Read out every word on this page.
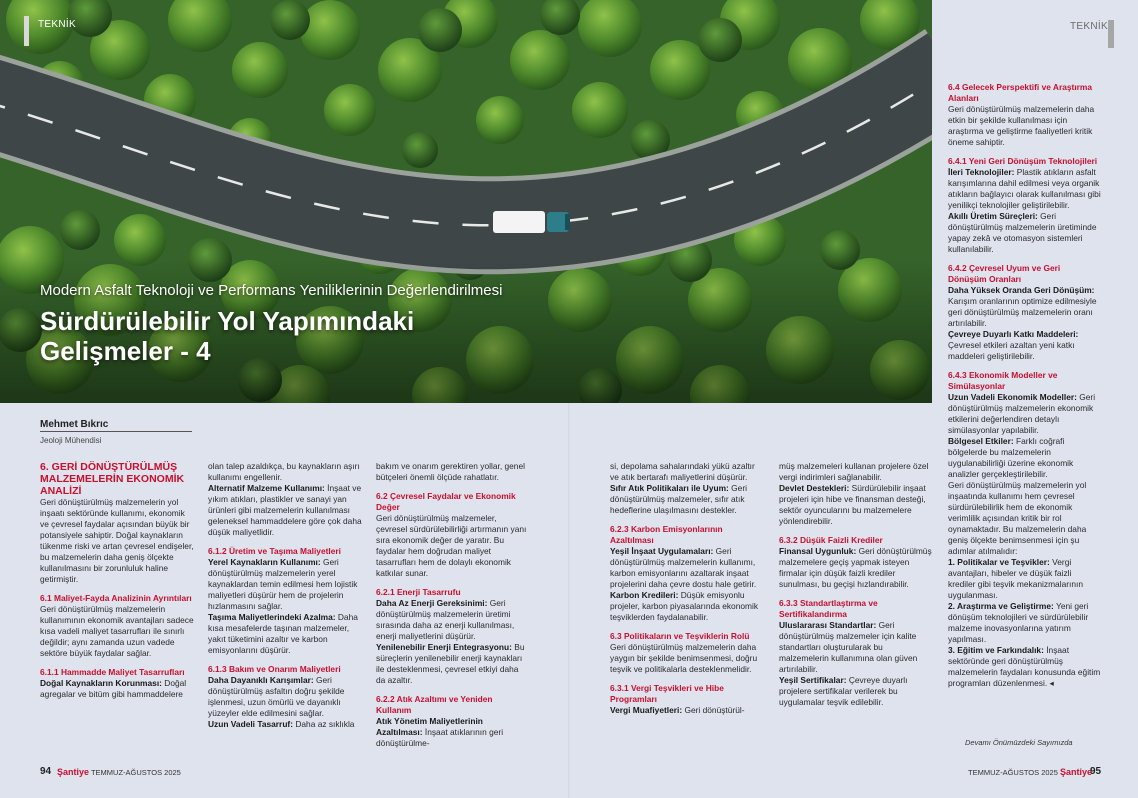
TEKNİK	TEKNİK
Modern Asfalt Teknoloji ve Performans Yeniliklerinin Değerlendirilmesi
Sürdürülebilir Yol Yapımındaki
Gelişmeler - 4
Mehmet Bıkrıc
Jeoloji Mühendisi
6. GERİ DÖNÜŞTÜRÜLMÜŞ MALZEMELERİN EKONOMİK ANALİZİ
Geri dönüştürülmüş malzemelerin yol inşaatı sektöründe kullanımı, ekonomik ve çevresel faydalar açısından büyük bir potansiyele sahiptir. Doğal kaynakların tükenme riski ve artan çevresel endişeler, bu malzemelerin daha geniş ölçekte kullanılmasını bir zorunluluk haline getirmiştir.
6.1 Maliyet-Fayda Analizinin Ayrıntıları
Geri dönüştürülmüş malzemelerin kullanımının ekonomik avantajları sadece kısa vadeli maliyet tasarrufları ile sınırlı değildir; aynı zamanda uzun vadede sektöre büyük faydalar sağlar.
6.1.1 Hammadde Maliyet Tasarrufları
Doğal Kaynakların Korunması: Doğal agregalar ve bitüm gibi hammaddelere
olan talep azaldıkça, bu kaynakların aşırı kullanımı engellenir.
Alternatif Malzeme Kullanımı: İnşaat ve yıkım atıkları, plastikler ve sanayi yan ürünleri gibi malzemelerin kullanılması geleneksel hammaddelere göre çok daha düşük maliyetlidir.
6.1.2 Üretim ve Taşıma Maliyetleri
Yerel Kaynakların Kullanımı: Geri dönüştürülmüş malzemelerin yerel kaynaklardan temin edilmesi hem lojistik maliyetleri düşürür hem de projelerin hızlanmasını sağlar.
Taşıma Maliyetlerindeki Azalma: Daha kısa mesafelerde taşınan malzemeler, yakıt tüketimini azaltır ve karbon emisyonlarını düşürür.
6.1.3 Bakım ve Onarım Maliyetleri
Daha Dayanıklı Karışımlar: Geri dönüştürülmüş asfaltın doğru şekilde işlenmesi, uzun ömürlü ve dayanıklı yüzeyler elde edilmesini sağlar.
Uzun Vadeli Tasarruf: Daha az sıklıkla
bakım ve onarım gerektiren yollar, genel bütçeleri önemli ölçüde rahatlatır.
6.2 Çevresel Faydalar ve Ekonomik Değer
Geri dönüştürülmüş malzemeler, çevresel sürdürülebilirliği artırmanın yanı sıra ekonomik değer de yaratır. Bu faydalar hem doğrudan maliyet tasarrufları hem de dolaylı ekonomik katkılar sunar.
6.2.1 Enerji Tasarrufu
Daha Az Enerji Gereksinimi: Geri dönüştürülmüş malzemelerin üretimi sırasında daha az enerji kullanılması, enerji maliyetlerini düşürür.
Yenilenebilir Enerji Entegrasyonu: Bu süreçlerin yenilenebilir enerji kaynakları ile desteklenmesi, çevresel etkiyi daha da azaltır.
6.2.2 Atık Azaltımı ve Yeniden Kullanım
Atık Yönetim Maliyetlerinin Azaltılması: İnşaat atıklarının geri dönüştürülme-
si, depolama sahalarındaki yükü azaltır ve atık bertarafı maliyetlerini düşürür.
Sıfır Atık Politikaları ile Uyum: Geri dönüştürülmüş malzemeler, sıfır atık hedeflerine ulaşılmasını destekler.
6.2.3 Karbon Emisyonlarının Azaltılması
Yeşil İnşaat Uygulamaları: Geri dönüştürülmüş malzemelerin kullanımı, karbon emisyonlarını azaltarak inşaat projelerini daha çevre dostu hale getirir.
Karbon Kredileri: Düşük emisyonlu projeler, karbon piyasalarında ekonomik teşviklerden faydalanabilir.
6.3 Politikaların ve Teşviklerin Rolü
Geri dönüştürülmüş malzemelerin daha yaygın bir şekilde benimsenmesi, doğru teşvik ve politikalarla desteklenmelidir.
6.3.1 Vergi Teşvikleri ve Hibe Programları
Vergi Muafiyetleri: Geri dönüştürül-
müş malzemeleri kullanan projelere özel vergi indirimleri sağlanabilir.
Devlet Destekleri: Sürdürülebilir inşaat projeleri için hibe ve finansman desteği, sektör oyuncularını bu malzemelere yönlendirebilir.
6.3.2 Düşük Faizli Krediler
Finansal Uygunluk: Geri dönüştürülmüş malzemelere geçiş yapmak isteyen firmalar için düşük faizli krediler sunulması, bu geçişi hızlandırabilir.
6.3.3 Standartlaştırma ve Sertifikalandırma
Uluslararası Standartlar: Geri dönüştürülmüş malzemeler için kalite standartları oluşturularak bu malzemelerin kullanımına olan güven artırılabilir.
Yeşil Sertifikalar: Çevreye duyarlı projelere sertifikalar verilerek bu uygulamalar teşvik edilebilir.
6.4 Gelecek Perspektifi ve Araştırma Alanları
Geri dönüştürülmüş malzemelerin daha etkin bir şekilde kullanılması için araştırma ve geliştirme faaliyetleri kritik öneme sahiptir.
6.4.1 Yeni Geri Dönüşüm Teknolojileri
İleri Teknolojiler: Plastik atıkların asfalt karışımlarına dahil edilmesi veya organik atıkların bağlayıcı olarak kullanılması gibi yenilikçi teknolojiler geliştirilebilir.
Akıllı Üretim Süreçleri: Geri dönüştürülmüş malzemelerin üretiminde yapay zekâ ve otomasyon sistemleri kullanılabilir.
6.4.2 Çevresel Uyum ve Geri Dönüşüm Oranları
Daha Yüksek Oranda Geri Dönüşüm: Karışım oranlarının optimize edilmesiyle geri dönüştürülmüş malzemelerin oranı artırılabilir.
Çevreye Duyarlı Katkı Maddeleri: Çevresel etkileri azaltan yeni katkı maddeleri geliştirilebilir.
6.4.3 Ekonomik Modeller ve Simülasyonlar
Uzun Vadeli Ekonomik Modeller: Geri dönüştürülmüş malzemelerin ekonomik etkilerini değerlendiren detaylı simülasyonlar yapılabilir.
Bölgesel Etkiler: Farklı coğrafi bölgelerde bu malzemelerin uygulanabilirliği üzerine ekonomik analizler gerçekleştirilebilir.
Geri dönüştürülmüş malzemelerin yol inşaatında kullanımı hem çevresel sürdürülebilirlik hem de ekonomik verimlilik açısından kritik bir rol oynamaktadır. Bu malzemelerin daha geniş ölçekte benimsenmesi için şu adımlar atılmalıdır:
1. Politikalar ve Teşvikler: Vergi avantajları, hibeler ve düşük faizli krediler gibi teşvik mekanizmalarının uygulanması.
2. Araştırma ve Geliştirme: Yeni geri dönüşüm teknolojileri ve sürdürülebilir malzeme inovasyonlarına yatırım yapılması.
3. Eğitim ve Farkındalık: İnşaat sektöründe geri dönüştürülmüş malzemelerin faydaları konusunda eğitim programları düzenlenmesi. ◂
Devamı Önümüzdeki Sayımızda
94 Şantiye TEMMUZ-AĞUSTOS 2025	TEMMUZ-AĞUSTOS 2025 Şantiye
95
